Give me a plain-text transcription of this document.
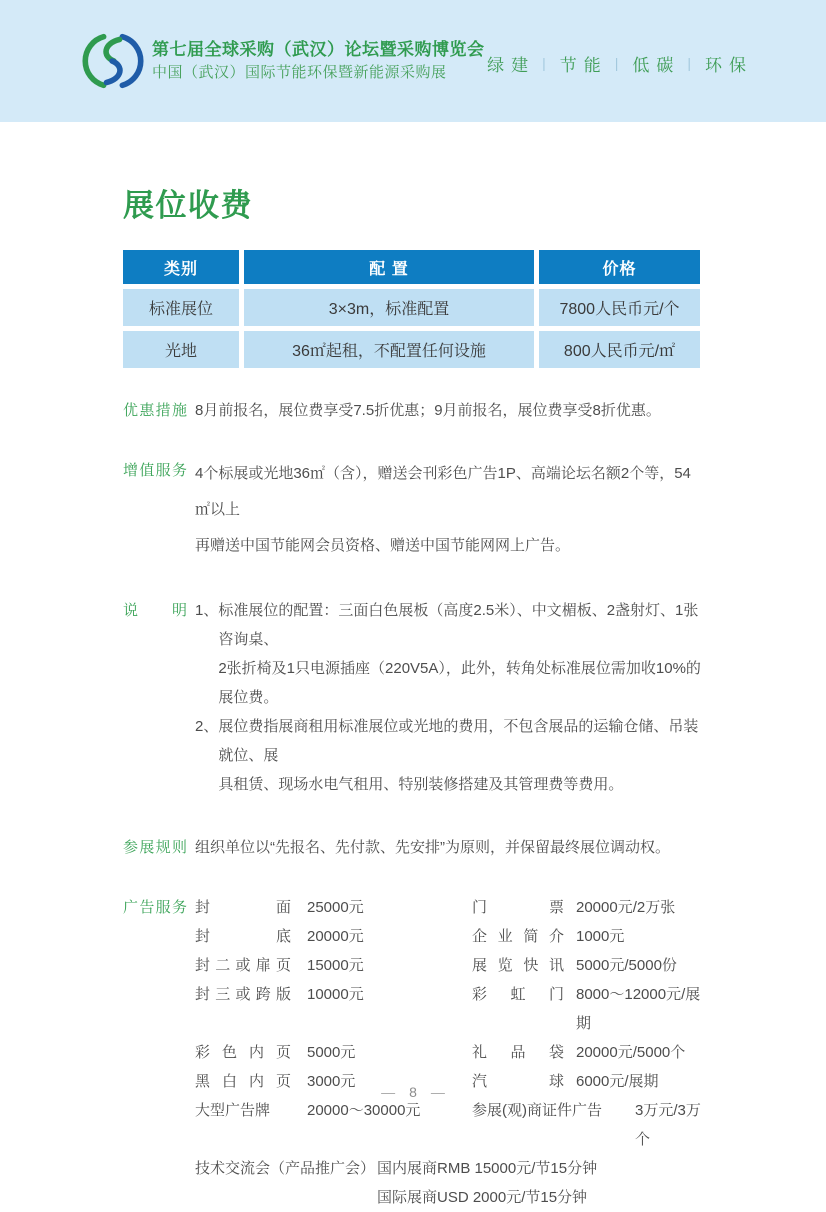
第七届全球采购（武汉）论坛暨采购博览会
中国（武汉）国际节能环保暨新能源采购展	绿建 | 节能 | 低碳 | 环保
展位收费
类别	配 置	价格
标准展位	3×3m，标准配置	7800人民币元/个
光地	36㎡起租，不配置任何设施	800人民币元/㎡
优惠措施 8月前报名，展位费享受7.5折优惠；9月前报名，展位费享受8折优惠。
增值服务 4个标展或光地36㎡（含），赠送会刊彩色广告1P、高端论坛名额2个等，54㎡以上
再赠送中国节能网会员资格、赠送中国节能网网上广告。
说明 1、 标准展位的配置：三面白色展板（高度2.5米）、中文楣板、2盏射灯、1张咨询桌、
2张折椅及1只电源插座（220V5A），此外，转角处标准展位需加收10%的展位费。
2、 展位费指展商租用标准展位或光地的费用，不包含展品的运输仓储、吊装就位、展
具租赁、现场水电气租用、特别装修搭建及其管理费等费用。
参展规则 组织单位以“先报名、先付款、先安排”为原则，并保留最终展位调动权。
广告服务 封面	25000元	门票 20000元/2万张
封底	20000元	企业简介 1000元
封二或扉页	15000元	展览快讯 5000元/5000份
封三或跨版	10000元	彩虹门 8000～12000元/展期
彩色内页	5000元	礼品袋 20000元/5000个
黑白内页	3000元	汽球 6000元/展期
大型广告牌	20000～30000元	参展(观)商证件广告	3万元/3万个
技术交流会（产品推广会） 国内展商RMB 15000元/节15分钟
国际展商USD 2000元/节15分钟
— 8 —
